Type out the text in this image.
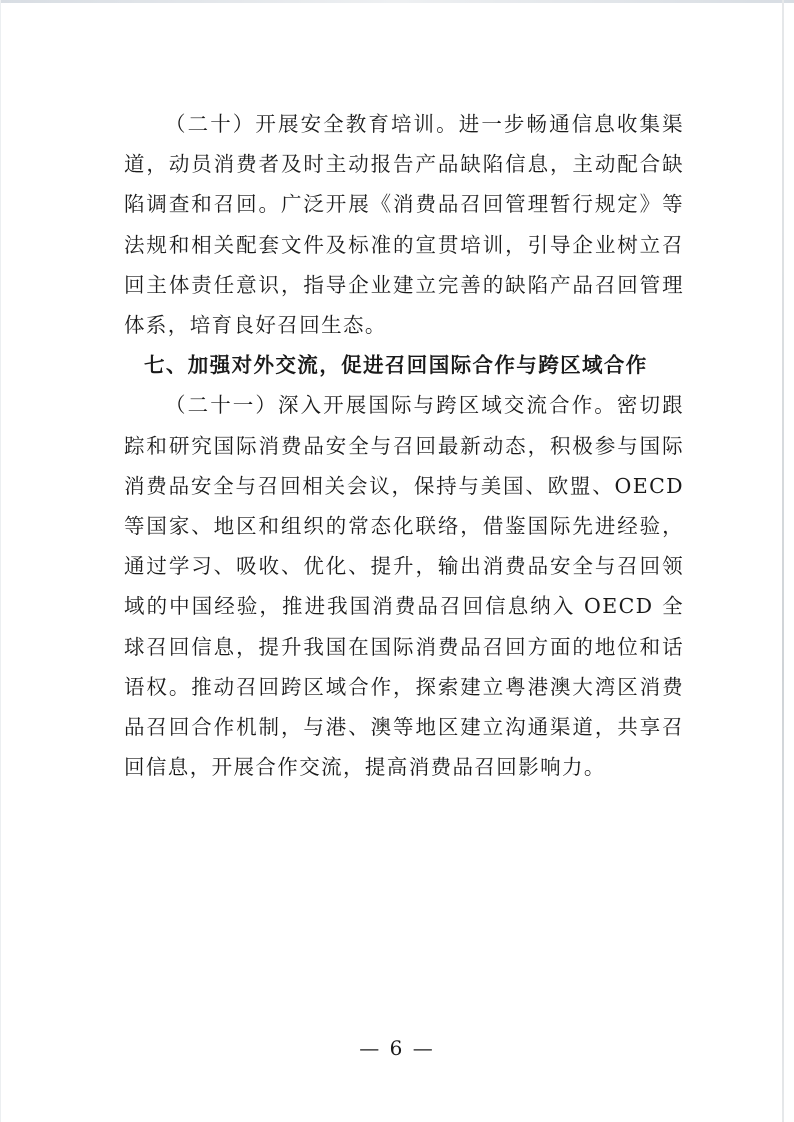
（二十）开展安全教育培训。进一步畅通信息收集渠道，动员消费者及时主动报告产品缺陷信息，主动配合缺陷调查和召回。广泛开展《消费品召回管理暂行规定》等法规和相关配套文件及标准的宣贯培训，引导企业树立召回主体责任意识，指导企业建立完善的缺陷产品召回管理体系，培育良好召回生态。

七、加强对外交流，促进召回国际合作与跨区域合作

（二十一）深入开展国际与跨区域交流合作。密切跟踪和研究国际消费品安全与召回最新动态，积极参与国际消费品安全与召回相关会议，保持与美国、欧盟、OECD 等国家、地区和组织的常态化联络，借鉴国际先进经验，通过学习、吸收、优化、提升，输出消费品安全与召回领域的中国经验，推进我国消费品召回信息纳入 OECD 全球召回信息，提升我国在国际消费品召回方面的地位和话语权。推动召回跨区域合作，探索建立粤港澳大湾区消费品召回合作机制，与港、澳等地区建立沟通渠道，共享召回信息，开展合作交流，提高消费品召回影响力。

— 6 —
